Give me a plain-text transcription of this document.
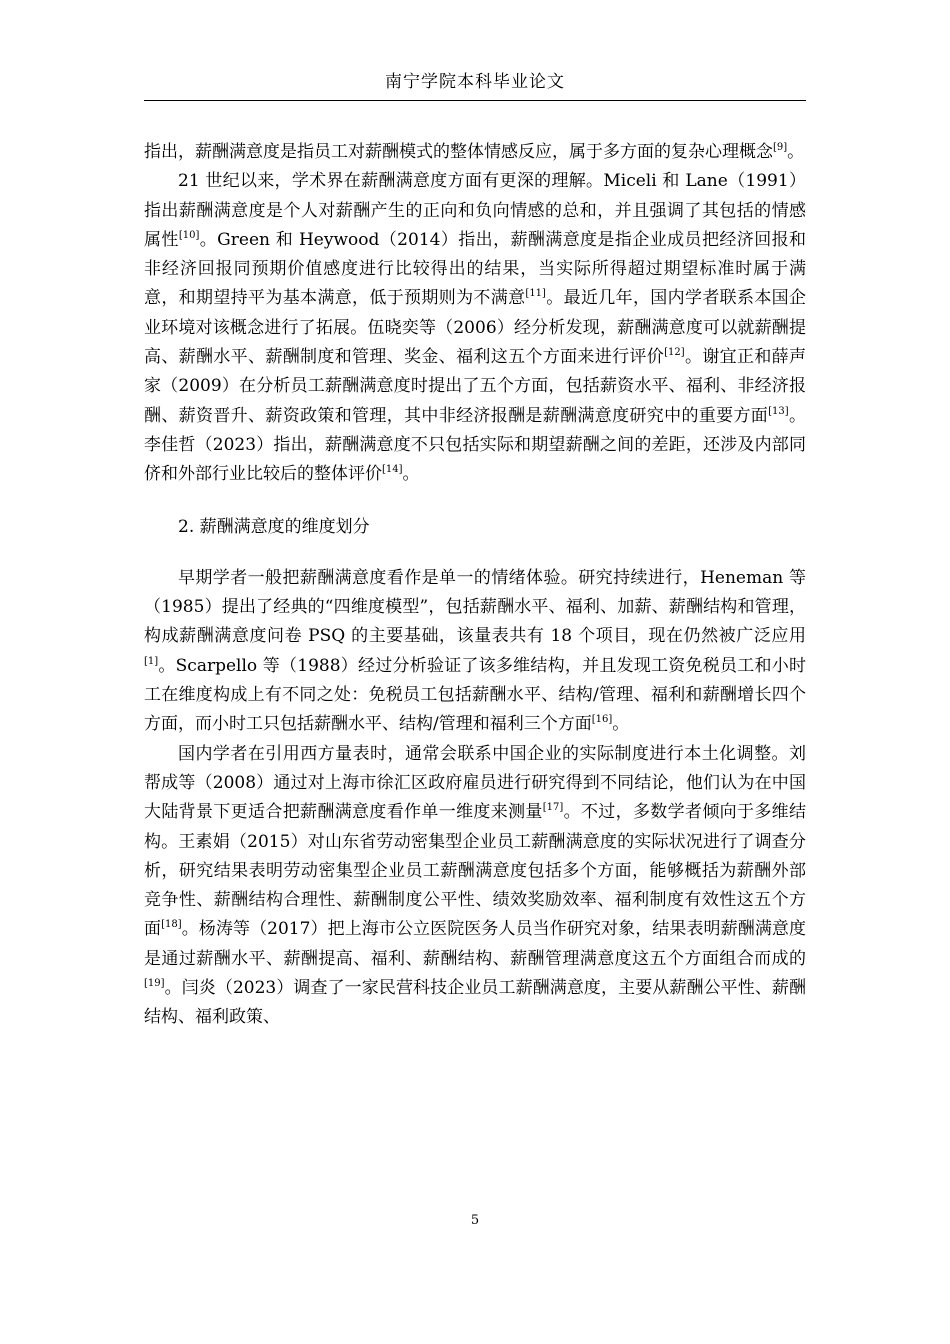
南宁学院本科毕业论文

指出，薪酬满意度是指员工对薪酬模式的整体情感反应，属于多方面的复杂心理概念[9]。

21 世纪以来，学术界在薪酬满意度方面有更深的理解。Miceli 和 Lane（1991）指出薪酬满意度是个人对薪酬产生的正向和负向情感的总和，并且强调了其包括的情感属性[10]。Green 和 Heywood（2014）指出，薪酬满意度是指企业成员把经济回报和非经济回报同预期价值感度进行比较得出的结果，当实际所得超过期望标准时属于满意，和期望持平为基本满意，低于预期则为不满意[11]。最近几年，国内学者联系本国企业环境对该概念进行了拓展。伍晓奕等（2006）经分析发现，薪酬满意度可以就薪酬提高、薪酬水平、薪酬制度和管理、奖金、福利这五个方面来进行评价[12]。谢宜正和薛声家（2009）在分析员工薪酬满意度时提出了五个方面，包括薪资水平、福利、非经济报酬、薪资晋升、薪资政策和管理，其中非经济报酬是薪酬满意度研究中的重要方面[13]。李佳哲（2023）指出，薪酬满意度不只包括实际和期望薪酬之间的差距，还涉及内部同侪和外部行业比较后的整体评价[14]。

2. 薪酬满意度的维度划分

早期学者一般把薪酬满意度看作是单一的情绪体验。研究持续进行，Heneman 等（1985）提出了经典的“四维度模型”，包括薪酬水平、福利、加薪、薪酬结构和管理，构成薪酬满意度问卷 PSQ 的主要基础，该量表共有 18 个项目，现在仍然被广泛应用[1]。Scarpello 等（1988）经过分析验证了该多维结构，并且发现工资免税员工和小时工在维度构成上有不同之处：免税员工包括薪酬水平、结构/管理、福利和薪酬增长四个方面，而小时工只包括薪酬水平、结构/管理和福利三个方面[16]。

国内学者在引用西方量表时，通常会联系中国企业的实际制度进行本土化调整。刘帮成等（2008）通过对上海市徐汇区政府雇员进行研究得到不同结论，他们认为在中国大陆背景下更适合把薪酬满意度看作单一维度来测量[17]。不过，多数学者倾向于多维结构。王素娟（2015）对山东省劳动密集型企业员工薪酬满意度的实际状况进行了调查分析，研究结果表明劳动密集型企业员工薪酬满意度包括多个方面，能够概括为薪酬外部竞争性、薪酬结构合理性、薪酬制度公平性、绩效奖励效率、福利制度有效性这五个方面[18]。杨涛等（2017）把上海市公立医院医务人员当作研究对象，结果表明薪酬满意度是通过薪酬水平、薪酬提高、福利、薪酬结构、薪酬管理满意度这五个方面组合而成的[19]。闫炎（2023）调查了一家民营科技企业员工薪酬满意度，主要从薪酬公平性、薪酬结构、福利政策、

5
